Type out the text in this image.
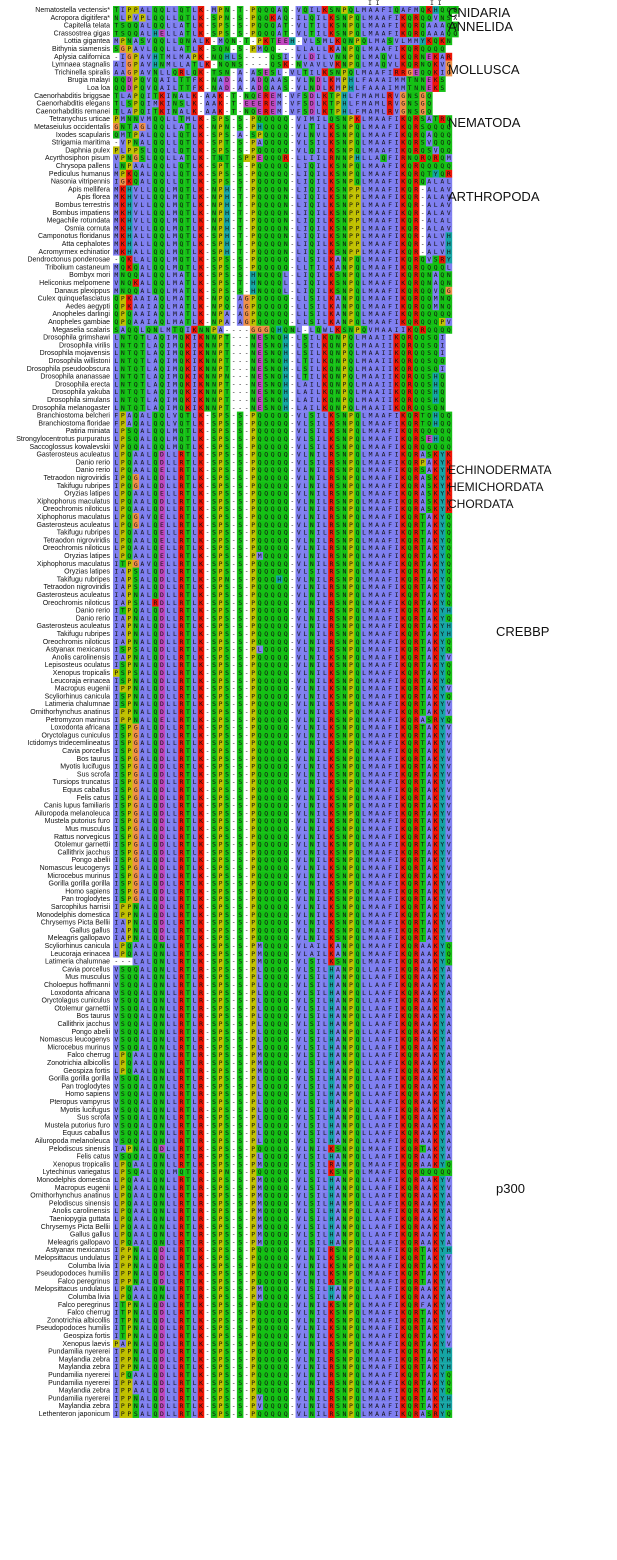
I I	I I
Nematostella vectensis* T I P P A L Q Q L L Q T L K - M P N - T - P Q Q Q A Q - V Q I L K S N P Q L M A A F I Q A F M Q K H Q Q Q
Acropora digitifera* N L P V P L Q Q L L Q T L K - S P N - S - P Q Q K A Q - I L Q I L K S N P Q L M A A F I K Q R Q Q V N S X
Capitella telata T S Q Q A L Q Q L L A T L K - S P S - S - P Q Q Q A T - V L T I L K S N P Q L M A A F I K Q R Q A A A Q Q
Crassostrea gigas T S Q Q A L H E L L A T L K - S P S - S - P Q Q Q A T - V L T I L K S N P Q L M A A F I K Q R Q A A A Q Q
Lottia gigantea M P N A S V Q Q L L Q N A L K - M Q N - T - P K T E E H - V L S M L K Q N P Q L M A S V L M M Y K Q K N
Bithynia siamensis S G P A V L Q Q L L A T L K - S Q N - S - P M Q Q - - - L L A L L K A N P Q L M A A F I K Q R Q Q Q Q
Aplysia californica - I G P A V H T M L M A P K - N Q H L S - - - - Q S I - V L D I L V N N P Q L M A Q V L K Q R N E K A R
Lymnaea stagnalis A I G P A V H N M L L A T L K - N Q N S - - - - Q S K - N V A V L V K N P Q L M A Q V L K Q R N Q K V G
Trichinella spiralis A A G P A V N L L Q R L Q K - T S N - A - A S E S L - V L T I L K S N P Q L M A A F I R R G E Q Q K I G
Brugia malayi Q Q D P Q V Q A I L T T F K - N A D - A - A D Q A A S - V L N D L K M P H L F A A A I M M T N N E K S
Loa loa Q Q D P Q V Q A I L T T F K - N A D - A - A D Q A A S - V L N D L K M P H L F A A A I M M T N N E K S
Caenorhabditis briggsae T L A P Q I T K I N A L K - A A K - T - N Q E R E M - V F S D L K T P H L F M A M L R V G N S G Q
Caenorhabditis elegans T L S P Q I M K I N S L K - A A K - T - E E E R E M - V F S D L K T P H L F M A M L R V G N S G Q
Caenorhabditis remanei T L A P Q I T K I N A L K - A A K - T - N Q E R E M - V F S D L K T P H L F M A M L R V G N S G Q
Tetranychus urticae P M N N V M Q Q L L T M L K - S P S - S - P Q Q Q Q Q - V I M I L Q S N P K L M A A F I K Q R S A T R Q
Metaseiulus occidentalis G N T A G L Q Q L L A T L K - N P N - S - P H Q Q Q Q - V L T I L K S N P Q L M A A F I K Q R S Q Q Q Q
Ixodes scapularis Q M T P A L Q Q L L Q T L K - S P S - A - S P Q Q Q Q - V L N V L K S N P Q L M A A F I K Q R Q A Q Q Q
Strigamia maritima - V P N A L Q Q L L Q T L K - S P T - S - P A Q Q Q Q - V L S I L K S N P Q L M A A F I K Q R S V Q Q Q
Daphnia pulex P L P P S L Q Q L L Q T L K - S P S - S - P Q Q Q Q Q - V L Q I L K S N P Q L M A A F I K Q R Q S V Q Q
Acyrthosiphon pisum V P N G S L Q Q L L A T L K - T N T - S P P E Q Q Q R - L L I I L R N N P H L L A Q F I R N Q R Q R Q M
Chrysopa pallens L N P A A L Q Q L L Q T L K - S P T - S - P Q Q Q Q Q - L I Q I L K S N P Q L M A A F I K Q R Q Q Q Q Q
Pediculus humanus M P K Q A L Q Q L L Q T L K - S P S - S - P Q Q Q Q Q - L I Q I L K S N P Q L M A A F I K Q R Q T Y Q R
Nasonia vitripennis I G K Q A L Q Q L L Q T L K - S P S - S - P Q Q Q Q Q - L I Q I L K S N P Q L M A A F I K Q R Q A L A L
Apis mellifera M K H V L L Q Q L M Q T L K - N P H - T - P Q Q Q Q N - L I Q I L K S N P P L M A A F I K Q R - A L A V
Apis florea M K H V L L Q Q L M Q T L K - N P H - T - P Q Q Q Q N - L I Q I L K S N P P L M A A F I K Q R - A L A V
Bombus terrestris M K H V L L Q Q L M Q T L K - N P H - T - P Q Q Q Q N - L I Q I L K S N P P L M A A F I K Q R - A L A V
Bombus impatiens M K H V L L Q Q L M Q T L K - N P H - T - P Q Q Q Q N - L I Q I L K S N P P L M A A F I K Q R - A L A V
Megachile rotundata M K H V L L Q Q L M Q T L K - N P H - T - P Q Q Q Q N - L I Q I L K S N P P L M A A F I K Q R - A L A L
Osmia cornuta M K H V L L Q Q L M Q T L K - N P H - T - P Q Q Q Q N - L I Q I L K S N P P L M A A F I K Q R - A L A V
Camponotus floridanus M K H A L L Q Q L M Q T L K - S P H - T - P Q Q Q Q N - L I Q I L K S N P P L M A A F I K Q R - A L V H
Atta cephalotes M K H A L L Q Q L M Q T L K - S P H - T - P Q Q Q Q N - L I Q I L K S N P P L M A A F I K Q R - A L V H
Acromyrmex echinatior M K H A L L Q Q L M Q T L K - S P H - T - P Q Q Q Q N - L I Q I L K S N P P L M A A F I K Q R - A L V H
Dendroctonus ponderosae - Q K L A L Q Q L M Q T L K - S P S - S - P Q Q Q Q Q - L L S I L K A N P Q L M A A F I K Q R Q V S R Y
Tribolium castaneum M Q K Q A L Q Q L M Q T L K - S P S - S - P Q Q Q Q Q - L L T I L K A N P Q L M A A F I K Q R Q Q Q Q L
Bombyx mori M N Q Q A L Q Q L M A T L K - S P S - S - H N Q Q Q L - L I Q I L K S N P Q L M A A F I K Q R Q N A Q N
Heliconius melpomene V N Q K A L Q Q L M A T L K - S P S - T - H N Q Q Q L - L I Q I L K S N P Q L M A A F I K Q R Q N A Q N
Danaus plexippus M N Q Q A L Q Q L M A T L K - S P S - S - H N Q Q Q L - L I Q I L K S N P Q L M A A F I K Q R Q Q V Q G
Culex quinquefasciatus Q P K A A I A Q L M A T L K - N P Q - A G P Q Q Q Q Q - L L S I L K A N P Q L M A A F I K Q R Q Q M N Q
Aedes aegypti Q P K A A I A Q L M A T L K - N P Q - A G P Q Q Q Q Q - L L S I L K A N P Q L M A A F I K Q R Q Q M N Q
Anopheles darlingi Q P Q A A I A Q L M A T L K - N P A - A G P Q Q Q Q Q - L L S I L K A N P Q L M A A F I K Q R Q Q Q Q Q
Anopheles gambiae Q P Q A A I A Q L M A T L K - N P A - A G P Q Q Q Q Q - L L S I L K A N P Q L M A A F I K Q R Q Q Q P V
Megaselia scalaris S A Q Q L Q N L M T Q I K N N P A - - - - G G G Q H Q N L - L Q W L K S N P Q V M A A I I K Q R Q Q Q Q
Drosophila grimshawi L N T Q T L A Q I M Q K I K N N P T - - - N E S N Q H - L S I L K Q N P Q L M A A I I K Q R Q Q S Q I
Drosophila virilis L N T Q T L A Q I M Q K I K N N P T - - - N E S N Q H - L S I L K Q N P Q L M A A I I K Q R Q Q S Q I
Drosophila mojavensis L N T Q T L A Q I M Q K I K N N P T - - - N E S N Q H - L S I L K Q N P Q L M A A I I K Q R Q Q S Q I
Drosophila willistoni L N T Q T L A Q I M Q K I K N N P T - - - N E S N Q H - L T I L K Q N P Q L M A A I I K Q R Q Q S Q Q
Drosophila pseudoobscura L N T Q T L A Q I M Q K I K N N P T - - - N E S N Q H - L S I L K Q N P Q L M A A I I K Q R Q Q S Q I
Drosophila ananassae L N T Q T L A Q I M Q K I K N N P N - - - N E S N Q H - L T I L K Q N P Q L M A A I I K Q R Q Q S H Q
Drosophila erecta L N T Q T L A Q I M Q K I K N N P T - - - N E S N Q H - L A I L K Q N P Q L M A A I I K Q R Q Q S H Q
Drosophila yakuba L N T Q T L A Q I M Q K I K N N P T - - - N E S N Q H - L A I L K Q N P Q L M A A I I K Q R Q Q S H Q
Drosophila simulans L N T Q T L A Q I M Q K I K N N P T - - - N E S N Q H - L A I L K Q N P Q L M A A I I K Q R Q Q S H Q
Drosophila melanogaster L N T Q T L A Q I M Q K I K N N P T - - - N E S N Q H - L A I L K Q N P Q L M A A I I K Q R Q Q S Q N
Branchiostoma belcheri F P A Q A L Q Q L V Q T L K - S P S - S - P Q Q Q Q Q - V L S I L K S N P Q L M A A F I K Q R T Q H Q Q
Branchiostoma floridae F P A Q A L Q Q L V Q T L K - S P S - S - P Q Q Q Q Q - V L S I L K S N P Q L M A A F I K Q R T Q H Q Q
Patiria miniata L P S Q A L Q Q L M Q T L K - S P S - S - P Q Q Q Q Q - V L S I L K S N P Q L M A A F I K Q R Q Q Q Q Q
Strongylocentrotus purpuratus L P S Q A L Q Q L M Q T L K - S P S - S - P Q Q Q Q Q - V L S I L K S N P Q L M A A F I K Q R S E H Q Q
Saccoglossus kowalevskii V P Q Q A L Q Q L M Q T L K - S P S - S - P Q Q Q Q Q - V L S I L K S N P Q L M A A F I K Q R Q Q Q Q Q
Gasterosteus aculeatus L P Q A A L Q D L L R T L K - S P S - S - P Q Q Q Q Q - V L N I L R S N P Q L M A A F I K Q R A S K Y K
Danio rerio L P Q A A L Q D L L R T L K - S P S - S - P Q Q Q Q Q - V L S I L R S N P Q L M A A F I K Q R P A K Y K
Danio rerio L P Q A A L Q E L L R T L K - S P S - S - P Q Q Q Q Q - V L N I L R S N P Q L M A A F I K Q R S A K Y K
Tetraodon nigroviridis I P Q G A L Q D L L R T L K - S P S - S - P Q Q Q Q Q - V L N I L R S N P Q L M A A F I K Q R A S K Y K
Takifugu rubripes I P Q G A L Q D L L R T L K - S P S - S - P Q Q Q Q Q - V L N I L R S N P Q L M A A F I K Q R A S K Y K
Oryzias latipes L P Q A A L Q E L L R T L K - S P S - S - P Q Q Q Q Q - V L N I L R S N P Q L M A A F I K Q R A S K Y K
Xiphophorus maculatus L P Q A A L Q D L L R T L K - S P S - S - P Q Q Q Q Q - V L N I L R S N P Q L M A A F I K Q R A S K Y K
Oreochromis niloticus L P Q A A L Q D L L R T L K - S P S - S - P Q Q Q Q Q - V L N I L R S N P Q L M A A F I K Q R A S K Y K
Xiphophorus maculatus L P Q G A V Q E L L R T L K - S P S - S - P Q Q Q Q Q - V L N I L R S N P Q L M A A F I K Q R T A K Y Q
Gasterosteus aculeatus L P Q G A L Q E L L R T L K - S P S - S - P Q Q Q Q Q - V L N I L R S N P Q L M A A F I K Q R T A K Y Q
Takifugu rubripes L P Q A A L Q E L L R T L K - S P S - S - P Q Q Q Q Q - V L N I L R S N P Q L M A A F I K Q R T A K Y Q
Tetraodon nigroviridis L P Q A A L Q E L L R T L K - S P S - S - P Q Q Q Q Q - V L N I L R S N P Q L M A A F I K Q R T A K Y Q
Oreochromis niloticus L P Q A A L Q E L L R T L K - S P S - S - P Q Q Q Q Q - V L N I L R S N P Q L M A A F I K Q R T A K Y Q
Oryzias latipes L P Q A A L Q E L L R T L K - S P S - S - P M Q Q Q Q - V L N I L R S N P Q L M A A F I K Q R T A K Y Q
Xiphophorus maculatus I T P G A V Q E L L R T L K - S P S - S - P Q Q Q Q Q - V L N I L R S N P Q L M A A F I K Q R T A K Y Q
Oryzias latipes I A P S A L Q D L L R T L K - S P S - S - P Q Q Q Q Q - V L S I L R S N P Q L M A A F I K Q R T A K Y Q
Takifugu rubripes I A P S A L Q D L L R T L K - S P N - S - P Q Q Q H Q - V L N I L R S N P Q L M A A F I K Q R T A K Y Q
Tetraodon nigroviridis I A P S A L Q D L L R T L K - S P S - S - P Q Q Q Q Q - V L N I L R S N P Q L M A A F I K Q R T A K Y Q
Gasterosteus aculeatus I A P N A L Q D L L R T L K - S P S - S - P Q Q Q Q Q - V L N I L R S N P Q L M A A F I K Q R T A K Y Q
Oreochromis niloticus I A P S A L R D L L R T L K - S P S - S - P Q Q Q Q Q - V L N I L R S N P Q L M A A F I K Q R T A K Y Q
Danio rerio I T P Q A L Q D L L R T L K - S P S - S - P Q Q Q Q Q - V L N I L R S N P Q L M A A F I K Q R T A K Y H
Danio rerio I A P N A L Q D L L R T L K - S P S - S - P Q Q Q Q Q - V L N I L R S N P Q L M A A F I K Q R T A K Y Q
Gasterosteus aculeatus I A P N A L Q D L L R T L K - S P S - S - P Q Q Q Q Q - V L N I L R S N P Q L M A A F I K Q R T A K Y H
Takifugu rubripes I A P N A L Q D L L R T L K - S P S - S - P Q Q Q Q Q - V L N I L R S N P Q L M A A F I K Q R T A K Y H
Oreochromis niloticus I A P N A L Q D L L R T L K - S P S - S - P Q Q Q Q Q - V L N I L R S N P Q L M A A F I K Q R T A K Y Q
Astyanax mexicanus I S P S A L Q D L L R T L K - S P S - S - P L Q Q Q Q - V L N I L R S N P Q L M A A F I K Q R T A K Y Q
Anolis carolinensis I A P N A L Q D L L R T L K - S P S - S - P Q Q Q Q Q - V L N I L K S N P Q L M A A F I K Q R T A K Y V
Lepisosteus oculatus I S P N A L Q D L L R T L K - S P S - S - P Q Q Q Q Q - V L N I L K S N P Q L M A A F I K Q R T A K Y Q
Xenopus tropicalis P S P S A L Q D L L R T L K - S P S - S - P Q Q Q Q Q - V L N I L K S N P Q L M A A F I K Q R T A K Y Q
Leucoraja erinacea I S P N A L Q D L L R T L K - S P S - S - P Q Q Q Q Q - V L N I L K S N P Q L M A A F I K Q R T A K Y Q
Macropus eugenii I P P N A L Q D L L R T L K - S P S - S - P Q Q Q Q Q - V L N I L K S N P Q L M A A F I K Q R T A K Y V
Scyliorhinus canicula I S P N A L Q D L L R T L K - S P S - S - P Q Q Q Q Q - V L N I L K S N P Q L M A A F I K Q R T A K Y Q
Latimeria chalumnae I S P N A L Q D L L R T L K - S P S - S - P Q Q Q Q Q - V L N I L K S N P Q L M A A F I K Q R T A K Y V
Ornithorhynchus anatinus I P P N A L Q D L L R T L K - S P S - S - P Q Q Q Q Q - V L N I L K S N P Q L M A A F I K Q R T A K Y V
Petromyzon marinus I P P N A L Q E L L R T L K - S P S - S - P Q Q Q Q Q - V L N I L R S N P Q L M A A F I K Q R A S R Y Q
Loxodonta africana I S P G A L Q D L L R T L K - S P S - S - P Q Q Q Q Q - V L N I L K S N P Q L M A A F I K Q R T A K Y V
Oryctolagus cuniculus I S P G A L Q D L L R T L K - S P S - S - P Q Q Q Q Q - V L N I L K S N P Q L M A A F I K Q R T A K Y V
Ictidomys tridecemlineatus I S P G A L Q D L L R T L K - S P S - S - P Q Q Q Q Q - V L N I L K S N P Q L M A A F I K Q R T A K Y V
Cavia porcellus I S P G A L Q D L L R T L K - S P S - S - P Q Q Q Q Q - V L N I L K S N P Q L M A A F I K Q R T A K Y V
Bos taurus I S P G A L Q D L L R T L K - S P S - S - P Q Q Q Q Q - V L N I L K S N P Q L M A A F I K Q R T A K Y V
Myotis lucifugus I S P G A L Q D L L R T L K - S P S - S - P Q Q Q Q Q - V L N I L K S N P Q L M A A F I K Q R T A K Y V
Sus scrofa I S P G A L Q D L L R T L K - S P S - S - P Q Q Q Q Q - V L N I L K S N P Q L M A A F I K Q R T A K Y V
Tursiops truncatus I S P G A L Q D L L R T L K - S P S - S - P Q Q Q Q Q - V L N I L K S N P Q L M A A F I K Q R T A K Y V
Equus caballus I S P G A L Q D L L R T L K - S P S - S - P Q Q Q Q Q - V L N I L K S N P Q L M A A F I K Q R T A K Y V
Felis catus I S P G A L Q D L L R T L K - S P S - S - P Q Q Q Q Q - V L N I L K S N P Q L M A A F I K Q R T A K Y V
Canis lupus familiaris I S P G A L Q D L L R T L K - S P S - S - P Q Q Q Q Q - V L N I L K S N P Q L M A A F I K Q R T A K Y V
Ailuropoda melanoleuca I S P G A L Q D L L R T L K - S P S - S - P Q Q Q Q Q - V L N I L K S N P Q L M A A F I K Q R T A K Y V
Mustela putorius furo I S P G A L Q D L L R T L K - S P S - S - P Q Q Q Q Q - V L N I L K S N P Q L M A A F I K Q R T A K Y V
Mus musculus I S P G A L Q D L L R T L K - S P S - S - P Q Q Q Q Q - V L N I L K S N P Q L M A A F I K Q R T A K Y V
Rattus norvegicus I S P G A L Q D L L R T L K - S P S - S - P Q Q Q Q Q - V L N I L K S N P Q L M A A F I K Q R T A K Y V
Otolemur garnettii I S P G A L Q D L L R T L K - S P S - S - P Q Q Q Q Q - V L N I L K S N P Q L M A A F I K Q R T A K Y V
Callithrix jacchus I S P G A L Q D L L R T L K - S P S - S - P Q Q Q Q Q - V L N I L K S N P Q L M A A F I K Q R T A K Y V
Pongo abelii I S P G A L Q D L L R T L K - S P S - S - P Q Q Q Q Q - V L N I L K S N P Q L M A A F I K Q R T A K Y V
Nomascus leucogenys I S P G A L Q D L L R T L K - S P S - S - P Q Q Q Q Q - V L N I L K S N P Q L M A A F I K Q R T A K Y V
Microcebus murinus I S P G A L Q D L L R T L K - S P S - S - P Q Q Q Q Q - V L N I L K S N P Q L M A A F I K Q R T A K Y V
Gorilla gorilla gorilla I S P G A L Q D L L R T L K - S P S - S - P Q Q Q Q Q - V L N I L K S N P Q L M A A F I K Q R T A K Y V
Homo sapiens I S P G A L Q D L L R T L K - S P S - S - P Q Q Q Q Q - V L N I L K S N P Q L M A A F I K Q R T A K Y V
Pan troglodytes I S P G A L Q D L L R T L K - S P S - S - P Q Q Q Q Q - V L N I L K S N P Q L M A A F I K Q R T A K Y V
Sarcophilus harrisii I P P N A L Q D L L R T L K - S P S - S - P Q Q Q Q Q - V L N I L K S N P Q L M A A F I K Q R T A K Y V
Monodelphis domestica I P P N A L Q D L L R T L K - S P S - S - P Q Q Q Q Q - V L N I L K S N P Q L M A A F I K Q R T A K Y V
Chrysemys Picta Bellii I A P N A L Q D L L R T L K - S P S - S - P Q Q Q Q Q - V L N I L K S N P Q L M A A F I K Q R T A K Y V
Gallus gallus I A P N A L Q D L L R T L K - S P S - S - P Q Q Q Q Q - V L N I L K S N P Q L M A A F I K Q R T A K Y V
Meleagris gallopavo I A P N A L Q D L L R T L K - S P S - S - P Q Q Q Q Q - V L N I L K S N P Q L M A A F I K Q R T A K Y V
Scyliorhinus canicula L P Q A A L Q N L L R T L K - S P S - S - P M Q Q Q Q - V L A I L K A N P Q L M A A F I K Q R A A K Y Q
Leucoraja erinacea L P Q A A L Q N L L R T L K - S P S - S - P M Q Q Q Q - V L A I L K A N P Q L M A A F I K Q R A A K Y Q
Latimeria chalumnae - - - L A L Q N L L R T L K - S P S - S - P M Q Q Q Q - V L S I L K S N P Q L M A A F I K Q R A A K Y Q
Cavia porcellus V S Q Q A L Q N L L R T L R - S P S - S - P L Q Q Q Q - V L S I L H A N P Q L L A A F I K Q R A A K Y A
Mus musculus V S Q Q A L Q N L L R T L R - S P S - S - P L Q Q Q Q - V L S I L H A N P Q L L A A F I K Q R A A K Y A
Choloepus hoffmanni V S Q Q A L Q N L L R T L R - S P S - S - P L Q Q Q Q - V L S I L H A N P Q L L A A F I K Q R A A K Y A
Loxodonta africana V S Q Q A L Q N L L R T L R - S P S - S - P L Q Q Q Q - V L S I L H A N P Q L L A A F I K Q R A A K Y A
Oryctolagus cuniculus V S Q Q A L Q N L L R T L R - S P S - S - P L Q Q Q Q - V L S I L H A N P Q L L A A F I K Q R A A K Y A
Otolemur garnettii V S Q Q A L Q N L L R T L R - S P S - S - P L Q Q Q Q - V L S I L H A N P Q L L A A F I K Q R A A K Y A
Bos taurus V S Q Q A L Q N L L R T L R - S P S - S - P L Q Q Q Q - V L S I L H A N P Q L L A A F I K Q R A A K Y A
Callithrix jacchus V S Q Q A L Q N L L R T L R - S P S - S - P L Q Q Q Q - V L S I L H A N P Q L L A A F I K Q R A A K Y A
Pongo abelii V S Q Q A L Q N L L R T L R - S P S - S - P L Q Q Q Q - V L S I L H A N P Q L L A A F I K Q R A A K Y A
Nomascus leucogenys V S Q Q A L Q N L L R T L R - S P S - S - P L Q Q Q Q - V L S I L H A N P Q L L A A F I K Q R A A K Y A
Microcebus murinus V S Q Q A L Q N L L R T L R - S P S - S - P L Q Q Q Q - V L S I L H A N P Q L L A A F I K Q R A A K Y A
Falco cherrug L P Q A A L Q N L L R T L R - S P S - S - P M Q Q Q Q - V L S I L H A N P Q L L A A F I K Q R A A K Y A
Zonotrichia albicollis L P Q A A L Q N L L R T L R - S P S - S - P M Q Q Q Q - V L S I L H A N P Q L L A A F I K Q R A A K Y A
Geospiza fortis L P Q A A L Q N L L R T L R - S P S - S - P M Q Q Q Q - V L S I L H A N P Q L L A A F I K Q R A A K Y A
Gorilla gorilla gorilla V S Q Q A L Q N L L R T L R - S P S - S - P L Q Q Q Q - V L S I L H A N P Q L L A A F I K Q R A A K Y A
Pan troglodytes V S Q Q A L Q N L L R T L R - S P S - S - P L Q Q Q Q - V L S I L H A N P Q L L A A F I K Q R A A K Y A
Homo sapiens V S Q Q A L Q N L L R T L R - S P S - S - P L Q Q Q Q - V L S I L H A N P Q L L A A F I K Q R A A K Y A
Pteropus vampyrus V S Q Q A L Q N L L R T L R - S P S - S - P L Q Q Q Q - V L S I L H A N P Q L L A A F I K Q R A A K Y A
Myotis lucifugus V S Q Q A L Q N L L R T L R - S P S - S - P L Q Q Q Q - V L S I L H A N P Q L L A A F I K Q R A A K Y A
Sus scrofa V S Q Q A L Q N L L R T L R - S P S - S - P L Q Q Q Q - V L S I L H A N P Q L L A A F I K Q R A A K Y A
Mustela putorius furo V S Q Q A L Q N L L R T L R - S P S - S - P L Q Q Q Q - V L S I L H A N P Q L L A A F I K Q R A A K Y A
Equus caballus V S Q Q A L Q N L L R T L R - S P S - S - P L Q Q Q Q - V L S I L H A N P Q L L A A F I K Q R A A K Y A
Ailuropoda melanoleuca V S Q Q A L Q N L L R T L R - S P S - S - P L Q Q Q Q - V L S I L H A N P Q L L A A F I K Q R A A K Y A
Pelodiscus sinensis I A P N A L Q D L L R T L K - S P S - S - P Q Q Q Q Q - V L N I L K S N P Q L M A A F I K Q R T A K Y V
Felis catus V S Q Q A L Q N L L R T L R - S P S - S - P L Q Q Q Q - V L S I L H A N P Q L L A A F I K Q R A A K Y A
Xenopus tropicalis L P Q A A L Q N L L R T L K - S P S - S - P M Q Q Q Q - V L S I L R A N P Q L M A A F I K Q R A A K Y Q
Lytechinus variegatus L P S Q A L Q Q L M Q T L K - S P N - S - P Q Q Q Q Q - V L S I L K S N P Q L M A A F I K Q R Q Q Q Q Q
Monodelphis domestica L P Q A A L Q N L L R T L R - S P S - S - P M Q Q Q Q - V L S I L H A N P Q L L A A F I K Q R A A K Y V
Macropus eugenii L P Q A A L Q N L L R T L R - S P S - S - P M Q Q Q Q - V L S I L H A N P Q L L A A F I K Q R A A K Y V
Ornithorhynchus anatinus L P Q A A L Q N L L R T L R - S P S - S - P M Q Q Q Q - V L S I L H A N P Q L L A A F I K Q R A A K Y A
Pelodiscus sinensis L P Q A A L Q N L L R T L R - S P S - S - P M Q Q Q Q - V L S I L H A N P Q L L A A F I K Q R A A K Y A
Anolis carolinensis L P Q A A L Q N L L R T L R - S P S - S - P M Q Q Q Q - V L S I L H A N P Q L L A A F I K Q R A A K Y A
Taeniopygia guttata L P Q A A L Q N L L R T L R - S P S - S - P M Q Q Q Q - V L S I L H A N P Q L L A A F I K Q R A A K Y A
Chrysemys Picta Bellii L P Q A A L Q N L L R T L R - S P S - S - P M Q Q Q Q - V L S I L H A N P Q L L A A F I K Q R A A K Y A
Gallus gallus L P Q A A L Q N L L R T L R - S P S - S - P M Q Q Q Q - V L S I L H A N P Q L L A A F I K Q R A A K Y A
Meleagris gallopavo L P Q A A L Q N L L R T L R - S P S - S - P M Q Q Q Q - V L S I L H A N P Q L L A A F I K Q R A A K Y A
Astyanax mexicanus I P P N A L Q D L L R T L K - S P S - S - P Q Q Q Q Q - V L N I L R S N P Q L M A A F I K Q R T A K Y H
Melopsittacus undulatus I P P N A L Q D L L R T L K - S P S - S - P Q Q Q Q Q - V L N I L K S N P Q L M A A F I K Q R T A K Y V
Columba livia I P P N A L Q D L L R T L K - S P S - S - P Q Q Q Q Q - V L N I L K S N P Q L M A A F I K Q R T A K Y V
Pseudopodoces humilis I P P N A L Q D L L R T L K - S P S - S - P Q Q Q Q Q - V L N I L K S N P Q L M A A F I K Q R T A K Y V
Falco peregrinus I P P N A L Q D L L R T L K - S P S - S - P Q Q Q Q Q - V L N I L K S N P Q L M A A F I K Q R T A K Y V
Melopsittacus undulatus L P Q A A L Q N L L R T L R - S P S - S - P M Q Q Q Q - V L S I L H A N P Q L L A A F I K Q R A A K Y A
Columba livia L P Q A A L Q N L L R T L R - S P S - S - P M Q Q Q Q - V L S I L H A N P Q L L A A F I K Q R A A K Y A
Falco peregrinus I T P N A L Q D L L R T L K - S P S - S - P Q Q Q Q Q - V L N I L K S N P Q L M A A F I K Q R F A K Y V
Falco cherrug I T P N A L Q D L L R T L K - S P S - S - P Q Q Q Q Q - V L N I L K S N P Q L M A A F I K Q R T A K Y V
Zonotrichia albicollis I T P N A L Q D L L R T L K - S P S - S - P Q Q Q Q Q - V L N I L K S N P Q L M A A F I K Q R T A K Y V
Pseudopodoces humilis I T P N A L Q D L L R T L K - S P S - S - P Q Q Q Q Q - V L N I L K S N P Q L M A A F I K Q R T A K Y V
Geospiza fortis I T P N A L Q D L L R T L K - S P S - S - P Q Q Q Q Q - V L N I L K S N P Q L M A A F I K Q R T A K Y V
Xenopus laevis P A P N A L Q D L L R T L K - S P S - S - P Q Q Q Q Q - V L N I L K S N P Q L M A A F I K Q R T A K Y V
Pundamilia nyererei I P P N A L Q D L L R T L K - S P S - S - P Q Q Q Q Q - V L N I L R S N P Q L M A A F I K Q R T A K Y H
Maylandia zebra I P P N A L Q D L L R T L K - S P S - S - P Q Q Q Q Q - V L N I L R S N P Q L M A A F I K Q R T A K Y H
Maylandia zebra I P P N A L Q D L L R T L K - S P S - S - P Q Q Q Q Q - V L N I L R S N P Q L M A A F I K Q R T A K Y H
Pundamilia nyererei L P Q A A L Q D L L R T L K - S P S - S - P Q Q Q Q Q - V L N I L R S N P Q L M A A F I K Q R T A K Y Q
Pundamilia nyererei I P P A A L Q D L L R T L K - S P S - S - P Q Q Q Q Q - V L N I L R S N P Q L M A A F I K Q R T A K Y Q
Maylandia zebra I P P A A L Q D L L R T L K - S P S - S - P Q Q Q Q Q - V L N I L R S N P Q L M A A F I K Q R T A K Y Q
Pundamilia nyererei I P P N A L Q D L L R T L K - S P S - S - P V Q Q Q Q - V L N I L R S N P Q L M A A F I K Q R T A K Y H
Maylandia zebra I P P N A L Q D L L R T L K - S P S - S - P V Q Q Q Q - V L N I L R S N P Q L M A A F I K Q R T A K Y H
Lethenteron japonicum I P P S A L Q D L L R T L K - S P S - S - P Q Q Q Q Q - V L N I L R S N P Q L M A A F I K Q R A S R Y Q
CNIDARIA
ANNELIDA
MOLLUSCA
NEMATODA
ARTHROPODA
ECHINODERMATA
HEMICHORDATA
CHORDATA
CREBBP
p300
